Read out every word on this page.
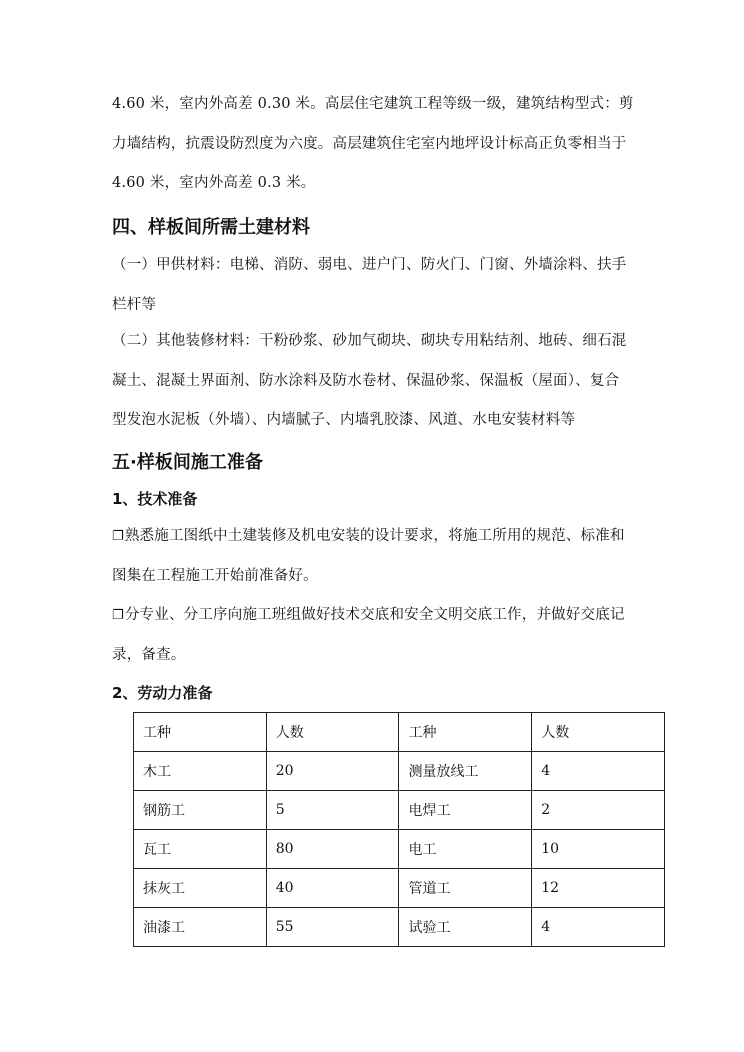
4.60 米，室内外高差 0.30 米。高层住宅建筑工程等级一级，建筑结构型式：剪
力墙结构，抗震设防烈度为六度。高层建筑住宅室内地坪设计标高正负零相当于
4.60 米，室内外高差 0.3 米。

四、样板间所需土建材料

（一）甲供材料：电梯、消防、弱电、进户门、防火门、门窗、外墙涂料、扶手
栏杆等

（二）其他装修材料：干粉砂浆、砂加气砌块、砌块专用粘结剂、地砖、细石混
凝土、混凝土界面剂、防水涂料及防水卷材、保温砂浆、保温板（屋面）、复合
型发泡水泥板（外墙）、内墙腻子、内墙乳胶漆、风道、水电安装材料等

五·样板间施工准备
1、技术准备

❐熟悉施工图纸中土建装修及机电安装的设计要求，将施工所用的规范、标准和
图集在工程施工开始前准备好。

❐分专业、分工序向施工班组做好技术交底和安全文明交底工作，并做好交底记
录，备查。

2、劳动力准备
工种	人数	工种	人数
木工	20	测量放线工	4
钢筋工	5	电焊工	2
瓦工	80	电工	10
抹灰工	40	管道工	12
油漆工	55	试验工	4
